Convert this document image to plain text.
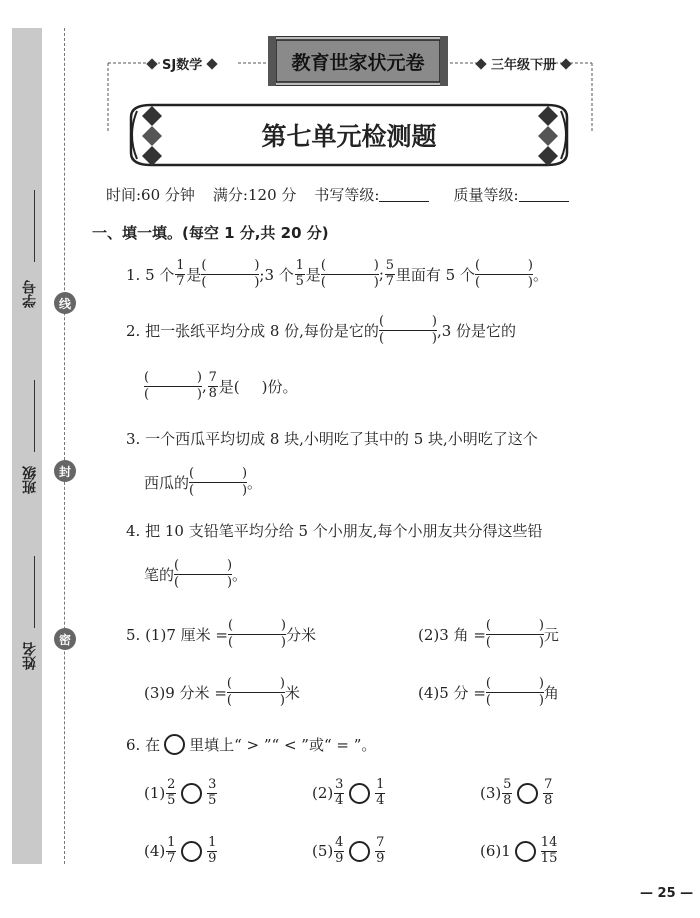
学号
班级
姓名
线
封
密
SJ数学	三年级下册
教育世家状元卷
第七单元检测题
时间:60 分钟 满分:120 分 书写等级:	质量等级:
一、填一填。(每空 1 分,共 20 分)
1. 5 个 $\frac{1}{7}$ 是
(	)
(	) ;3 个 $\frac{1}{5}$ 是
(	)
(	) ; $\frac{5}{7}$ 里面有 5 个
(	)
(	) 。
2. 把一张纸平均分成 8 份,每份是它的
(	)
(	) ,3 份是它的
(	)
(	) , $\frac{7}{8}$ 是( )份。
3. 一个西瓜平均切成 8 块,小明吃了其中的 5 块,小明吃了这个
西瓜的
(	)
(	) 。
4. 把 10 支铅笔平均分给 5 个小朋友,每个小朋友共分得这些铅
笔的
(	)
(	) 。
5. (1)7 厘米 =
(	)
(	) 分米	(2)3 角 =
(	)
(	) 元
(3)9 分米 =
(	)
(	) 米	(4)5 分 =
(	)
(	) 角
6. 在 里填上“ > ”“ < ”或“ = ”。
$(1) \frac{2}{5} \frac{3}{5}$	$(2) \frac{3}{4} \frac{1}{4}$	$(3) \frac{5}{8} \frac{7}{8}$
$(4) \frac{1}{7} \frac{1}{9}$	$(5) \frac{4}{9} \frac{7}{9}$	$(6)1 \frac{14}{15}$
— 25 —
